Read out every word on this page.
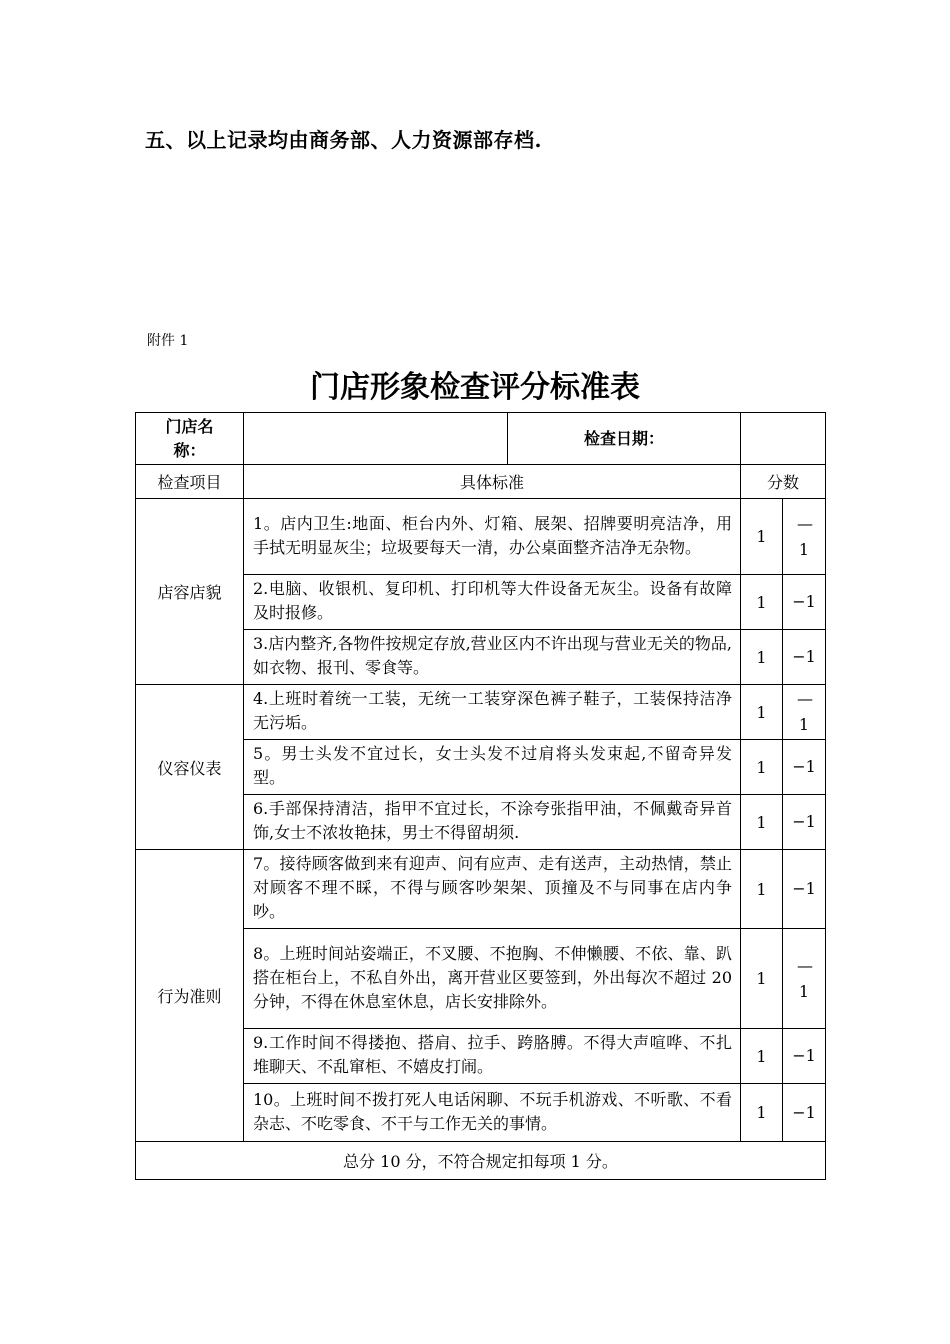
五、以上记录均由商务部、人力资源部存档.
附件 1
门店形象检查评分标准表
门店名称：		检查日期：		
检查项目	具体标准		分数	
店容店貌	1。店内卫生:地面、柜台内外、灯箱、展架、招牌要明亮洁净，用手拭无明显灰尘；垃圾要每天一清，办公桌面整齐洁净无杂物。		1	—1
	2.电脑、收银机、复印机、打印机等大件设备无灰尘。设备有故障及时报修。		1	−1
	3.店内整齐,各物件按规定存放,营业区内不许出现与营业无关的物品,如衣物、报刊、零食等。		1	−1
仪容仪表	4.上班时着统一工装，无统一工装穿深色裤子鞋子，工装保持洁净无污垢。		1	—1
	5。男士头发不宜过长，女士头发不过肩将头发束起,不留奇异发型。		1	−1
	6.手部保持清洁，指甲不宜过长，不涂夸张指甲油，不佩戴奇异首饰,女士不浓妆艳抹，男士不得留胡须.		1	−1
行为准则	7。接待顾客做到来有迎声、问有应声、走有送声，主动热情，禁止对顾客不理不睬，不得与顾客吵架架、顶撞及不与同事在店内争吵。		1	−1
	8。上班时间站姿端正，不叉腰、不抱胸、不伸懒腰、不依、靠、趴搭在柜台上，不私自外出，离开营业区要签到，外出每次不超过 20 分钟，不得在休息室休息，店长安排除外。		1	—1
	9.工作时间不得搂抱、搭肩、拉手、跨胳膊。不得大声喧哗、不扎堆聊天、不乱窜柜、不嬉皮打闹。		1	−1
	10。上班时间不拨打死人电话闲聊、不玩手机游戏、不听歌、不看杂志、不吃零食、不干与工作无关的事情。		1	−1
总分 10 分，不符合规定扣每项 1 分。				
